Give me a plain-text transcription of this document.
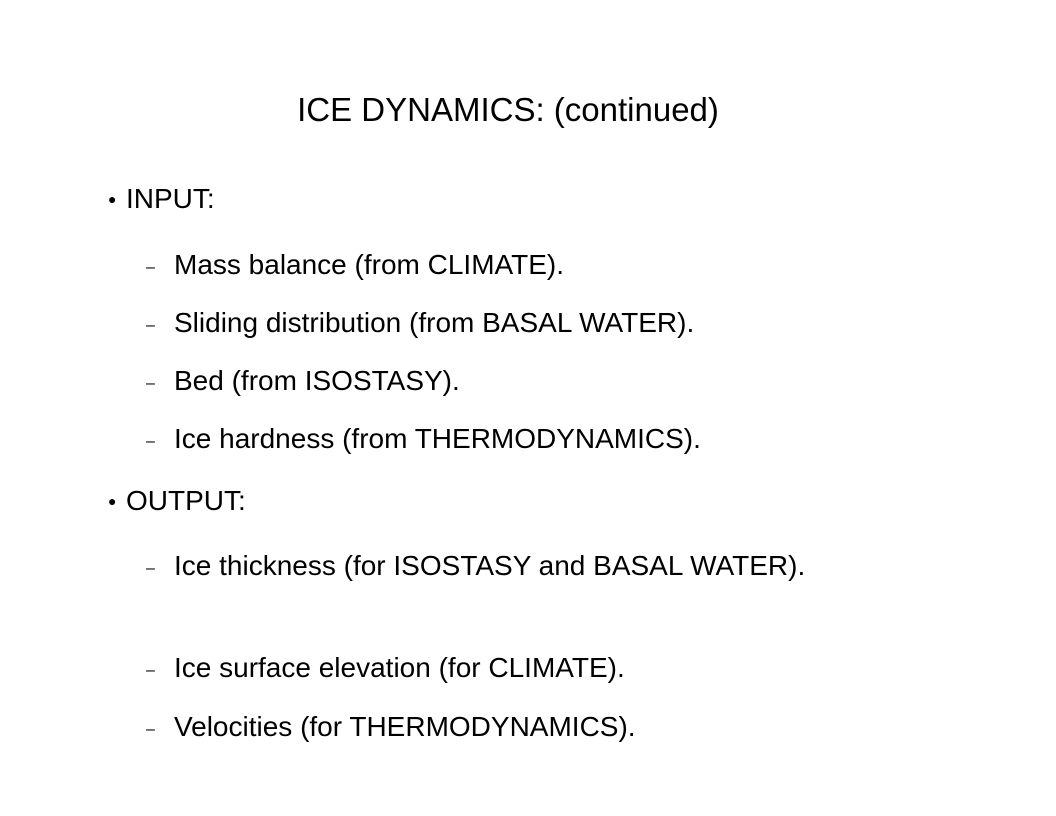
ICE DYNAMICS: (continued)
● INPUT:
– Mass balance (from CLIMATE).
– Sliding distribution (from BASAL WATER).
– Bed (from ISOSTASY).
– Ice hardness (from THERMODYNAMICS).
● OUTPUT:
– Ice thickness (for ISOSTASY and BASAL WATER).
– Ice surface elevation (for CLIMATE).
– Velocities (for THERMODYNAMICS).
